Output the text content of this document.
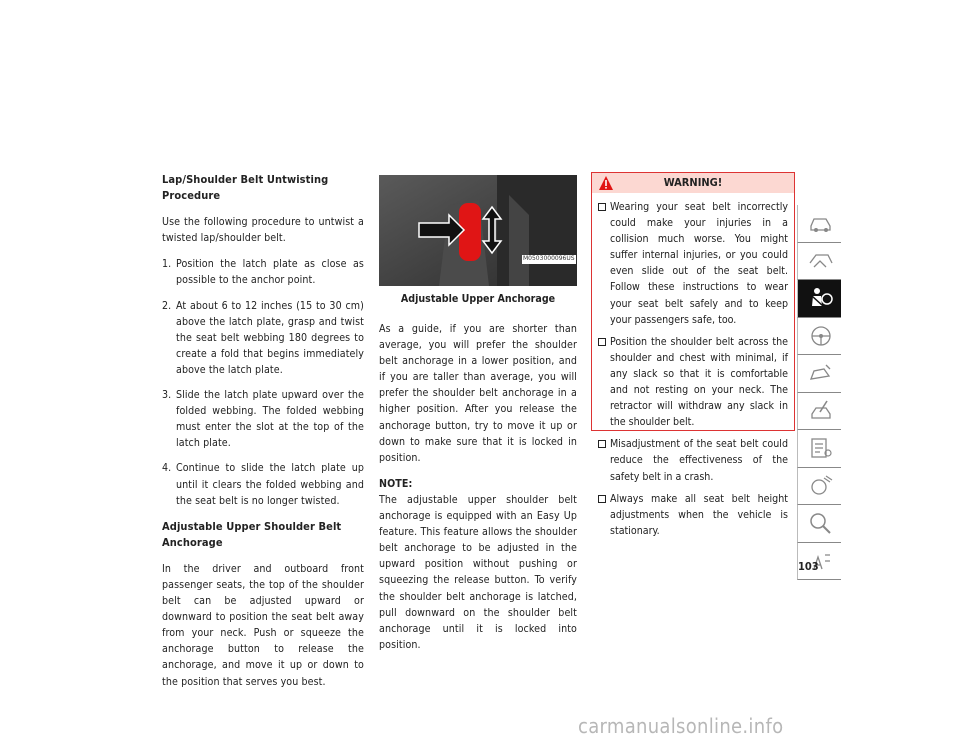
Lap/Shoulder Belt Untwisting Procedure

Use the following procedure to untwist a twisted lap/shoulder belt.

1. Position the latch plate as close as possible to the anchor point.
2. At about 6 to 12 inches (15 to 30 cm) above the latch plate, grasp and twist the seat belt webbing 180 degrees to create a fold that begins immediately above the latch plate.
3. Slide the latch plate upward over the folded webbing. The folded webbing must enter the slot at the top of the latch plate.
4. Continue to slide the latch plate up until it clears the folded webbing and the seat belt is no longer twisted.
Adjustable Upper Shoulder Belt Anchorage

In the driver and outboard front passenger seats, the top of the shoulder belt can be adjusted upward or downward to position the seat belt away from your neck. Push or squeeze the anchorage button to release the anchorage, and move it up or down to the position that serves you best.

M0503000096US
Adjustable Upper Anchorage

As a guide, if you are shorter than average, you will prefer the shoulder belt anchorage in a lower position, and if you are taller than average, you will prefer the shoulder belt anchorage in a higher position. After you release the anchorage button, try to move it up or down to make sure that it is locked in position.

NOTE:

The adjustable upper shoulder belt anchorage is equipped with an Easy Up feature. This feature allows the shoulder belt anchorage to be adjusted in the upward position without pushing or squeezing the release button. To verify the shoulder belt anchorage is latched, pull downward on the shoulder belt anchorage until it is locked into position.

WARNING!
Wearing your seat belt incorrectly could make your injuries in a collision much worse. You might suffer internal injuries, or you could even slide out of the seat belt. Follow these instructions to wear your seat belt safely and to keep your passengers safe, too.
Position the shoulder belt across the shoulder and chest with minimal, if any slack so that it is comfortable and not resting on your neck. The retractor will withdraw any slack in the shoulder belt.
Misadjustment of the seat belt could reduce the effectiveness of the safety belt in a crash.
Always make all seat belt height adjustments when the vehicle is stationary.
103
carmanualsonline.info
